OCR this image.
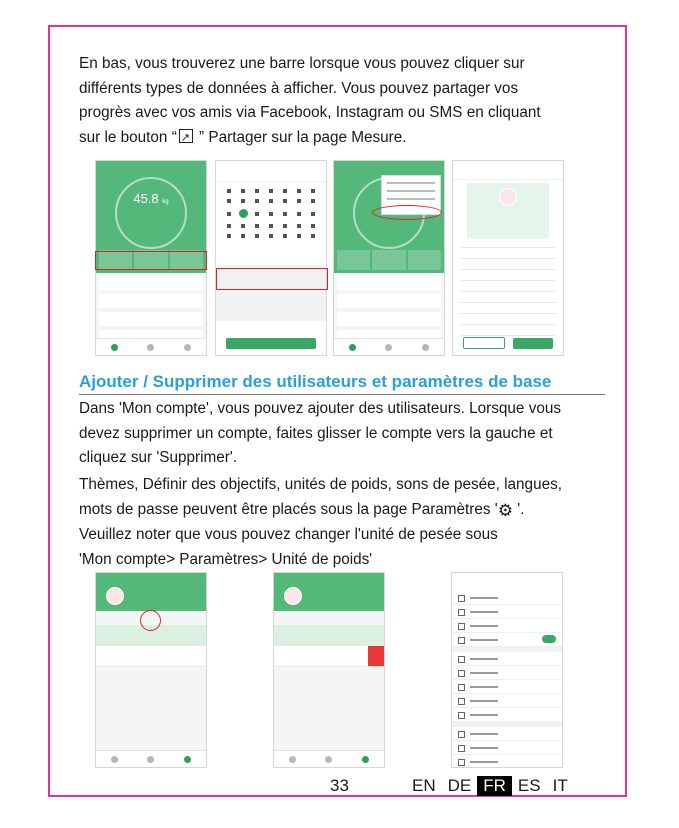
En bas, vous trouverez une barre lorsque vous pouvez cliquer sur
différents types de données à afficher. Vous pouvez partager vos
progrès avec vos amis via Facebook, Instagram ou SMS en cliquant
sur le bouton “↗ ” Partager sur la page Mesure.

45.8 kg
Ajouter / Supprimer des utilisateurs et paramètres de base

Dans 'Mon compte', vous pouvez ajouter des utilisateurs. Lorsque vous
devez supprimer un compte, faites glisser le compte vers la gauche et
cliquez sur 'Supprimer'.

Thèmes, Définir des objectifs, unités de poids, sons de pesée, langues,
mots de passe peuvent être placés sous la page Paramètres '⚙ '.
Veuillez noter que vous pouvez changer l'unité de pesée sous
'Mon compte> Paramètres> Unité de poids'

33	EN DE FR ES IT
